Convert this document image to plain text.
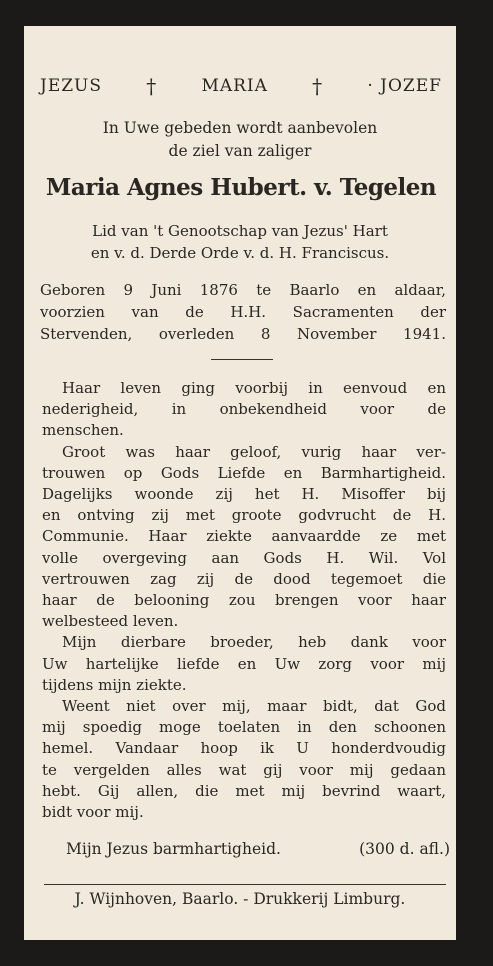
JEZUS †	MARIA †	· JOZEF
In Uwe gebeden wordt aanbevolen
de ziel van zaliger
Maria Agnes Hubert. v. Tegelen
Lid van 't Genootschap van Jezus' Hart
en v. d. Derde Orde v. d. H. Franciscus.

Geboren 9 Juni 1876 te Baarlo en aldaar,

voorzien van de H.H. Sacramenten der

Stervenden, overleden 8 November 1941.

Haar leven ging voorbij in eenvoud en
nederigheid, in onbekendheid voor de
menschen.
Groot was haar geloof, vurig haar ver-
trouwen op Gods Liefde en Barmhartigheid.
Dagelijks woonde zij het H. Misoffer bij
en ontving zij met groote godvrucht de H.
Communie. Haar ziekte aanvaardde ze met
volle overgeving aan Gods H. Wil. Vol
vertrouwen zag zij de dood tegemoet die
haar de belooning zou brengen voor haar
welbesteed leven.
Mijn dierbare broeder, heb dank voor
Uw hartelijke liefde en Uw zorg voor mij
tijdens mijn ziekte.
Weent niet over mij, maar bidt, dat God
mij spoedig moge toelaten in den schoonen
hemel. Vandaar hoop ik U honderdvoudig
te vergelden alles wat gij voor mij gedaan
hebt. Gij allen, die met mij bevrind waart,
bidt voor mij.
Mijn Jezus barmhartigheid.	(300 d. afl.)
J. Wijnhoven, Baarlo. - Drukkerij Limburg.
